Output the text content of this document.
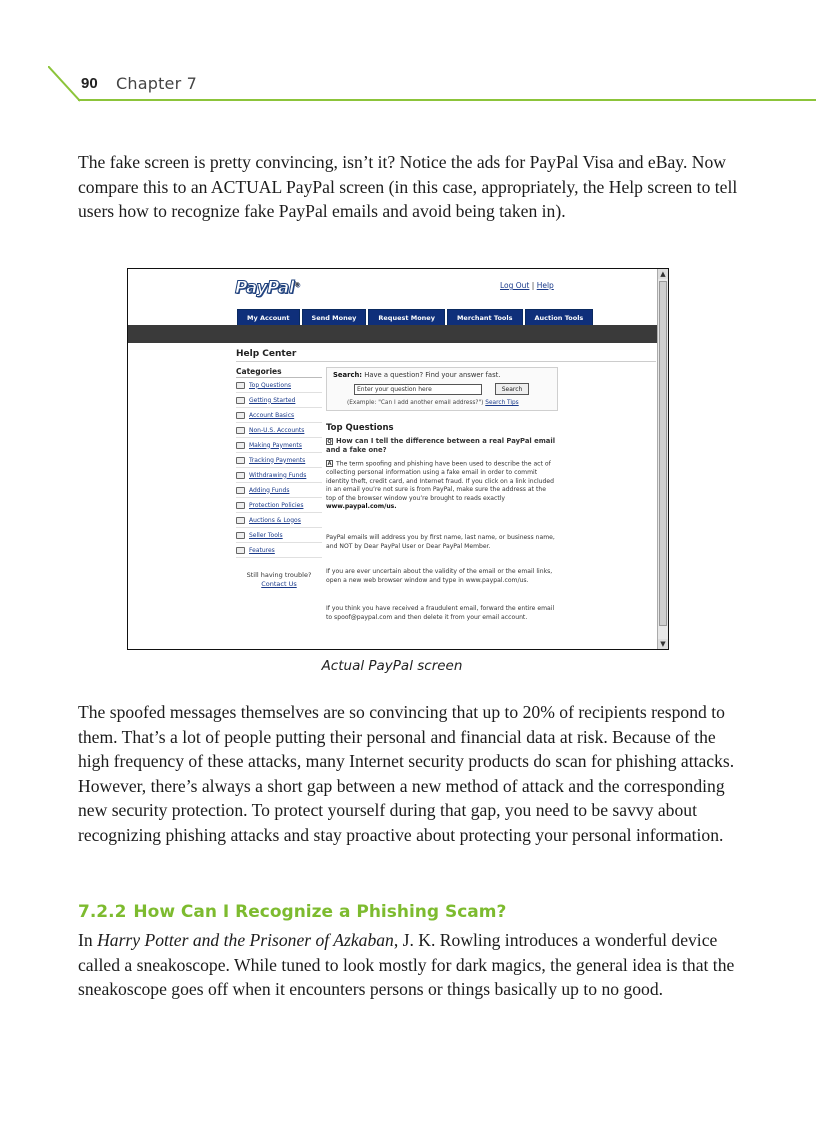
90 Chapter 7

The fake screen is pretty convincing, isn’t it? Notice the ads for PayPal Visa and eBay. Now compare this to an ACTUAL PayPal screen (in this case, appropriately, the Help screen to tell users how to recognize fake PayPal emails and avoid being taken in).

PayPal®	Log Out | Help
My Account	Send Money	Request Money	Merchant Tools	Auction Tools
Help Center
Categories
Top Questions
Getting Started
Account Basics
Non-U.S. Accounts
Making Payments
Tracking Payments
Withdrawing Funds
Adding Funds
Protection Policies
Auctions & Logos
Seller Tools
Features
Still having trouble?
Contact Us
Search: Have a question? Find your answer fast.
Enter your question here	Search
(Example: "Can I add another email address?") Search Tips
Top Questions
Q How can I tell the difference between a real PayPal email and a fake one?
A The term spoofing and phishing have been used to describe the act of collecting personal information using a fake email in order to commit identity theft, credit card, and Internet fraud. If you click on a link included in an email you’re not sure is from PayPal, make sure the address at the top of the browser window you’re brought to reads exactly www.paypal.com/us.
PayPal emails will address you by first name, last name, or business name, and NOT by Dear PayPal User or Dear PayPal Member.
If you are ever uncertain about the validity of the email or the email links, open a new web browser window and type in www.paypal.com/us.
If you think you have received a fraudulent email, forward the entire email to spoof@paypal.com and then delete it from your email account.
▲
▼
Actual PayPal screen

The spoofed messages themselves are so convincing that up to 20% of recipients respond to them. That’s a lot of people putting their personal and financial data at risk. Because of the high frequency of these attacks, many Internet security products do scan for phishing attacks. However, there’s always a short gap between a new method of attack and the corresponding new security protection. To protect yourself during that gap, you need to be savvy about recognizing phishing attacks and stay proactive about protecting your personal information.

7.2.2 How Can I Recognize a Phishing Scam?

In Harry Potter and the Prisoner of Azkaban, J. K. Rowling introduces a wonderful device called a sneakoscope. While tuned to look mostly for dark magics, the general idea is that the sneakoscope goes off when it encounters persons or things basically up to no good.
